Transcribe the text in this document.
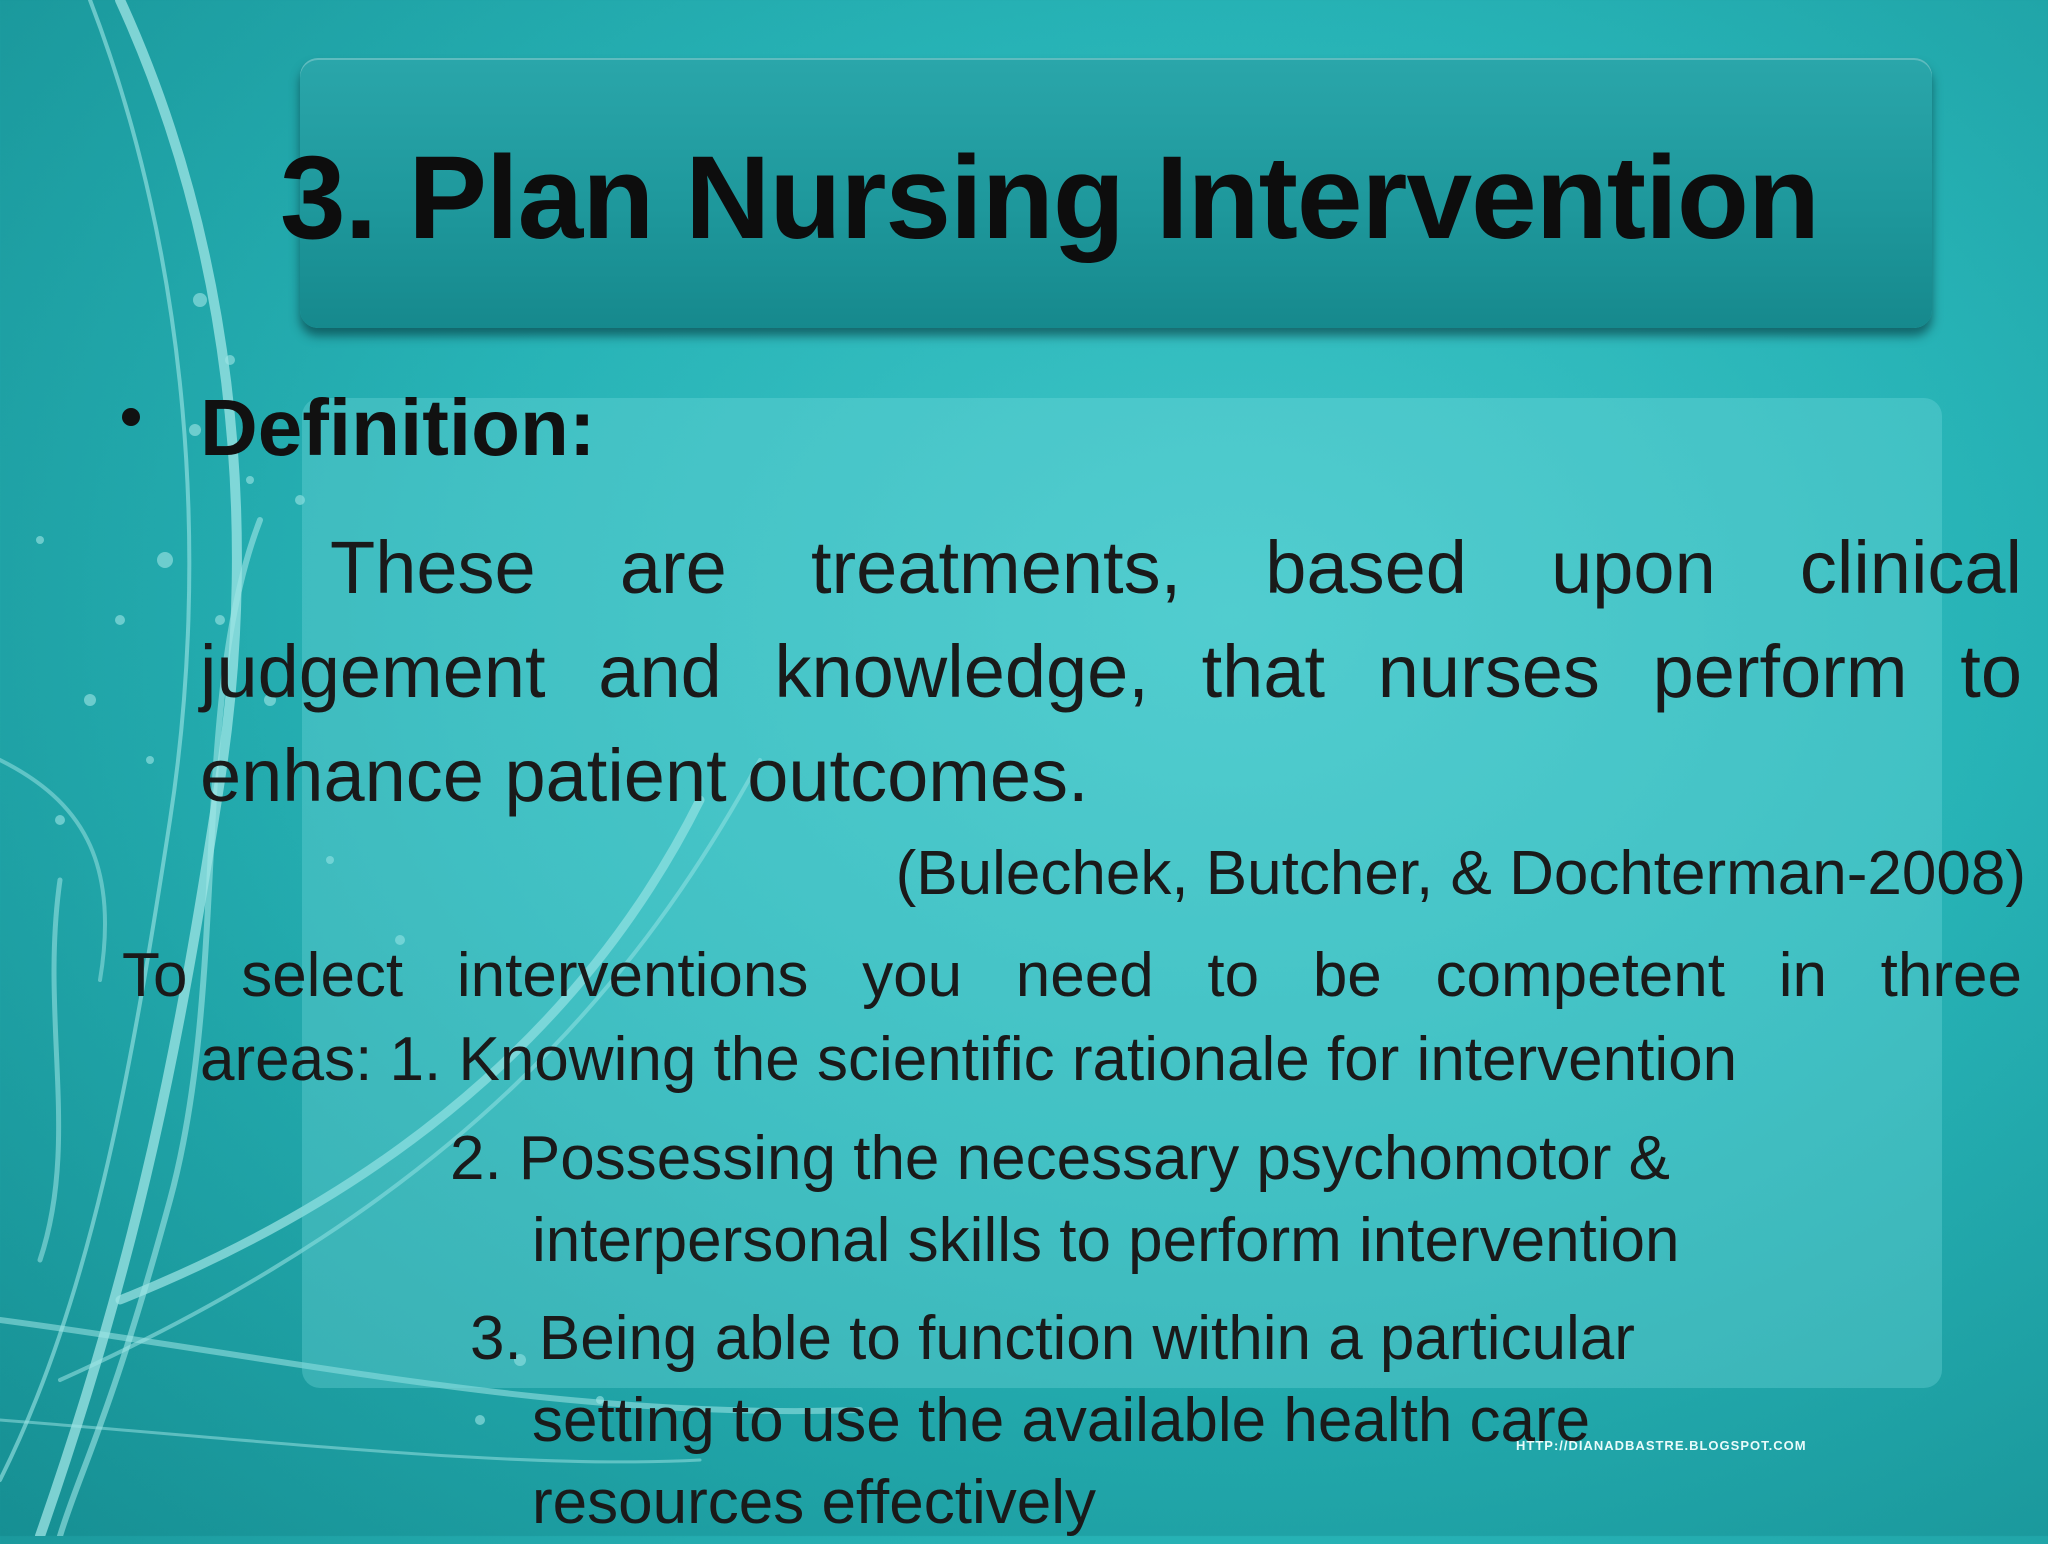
3. Plan Nursing Intervention
Definition:
These are treatments, based upon clinical judgement and knowledge, that nurses perform to enhance patient outcomes.
(Bulechek, Butcher, & Dochterman-2008)
To select interventions you need to be competent in three
areas: 1. Knowing the scientific rationale for intervention
2. Possessing the necessary psychomotor &
interpersonal skills to perform intervention
3. Being able to function within a particular
setting to use the available health care
resources effectively
HTTP://DIANADBASTRE.BLOGSPOT.COM
